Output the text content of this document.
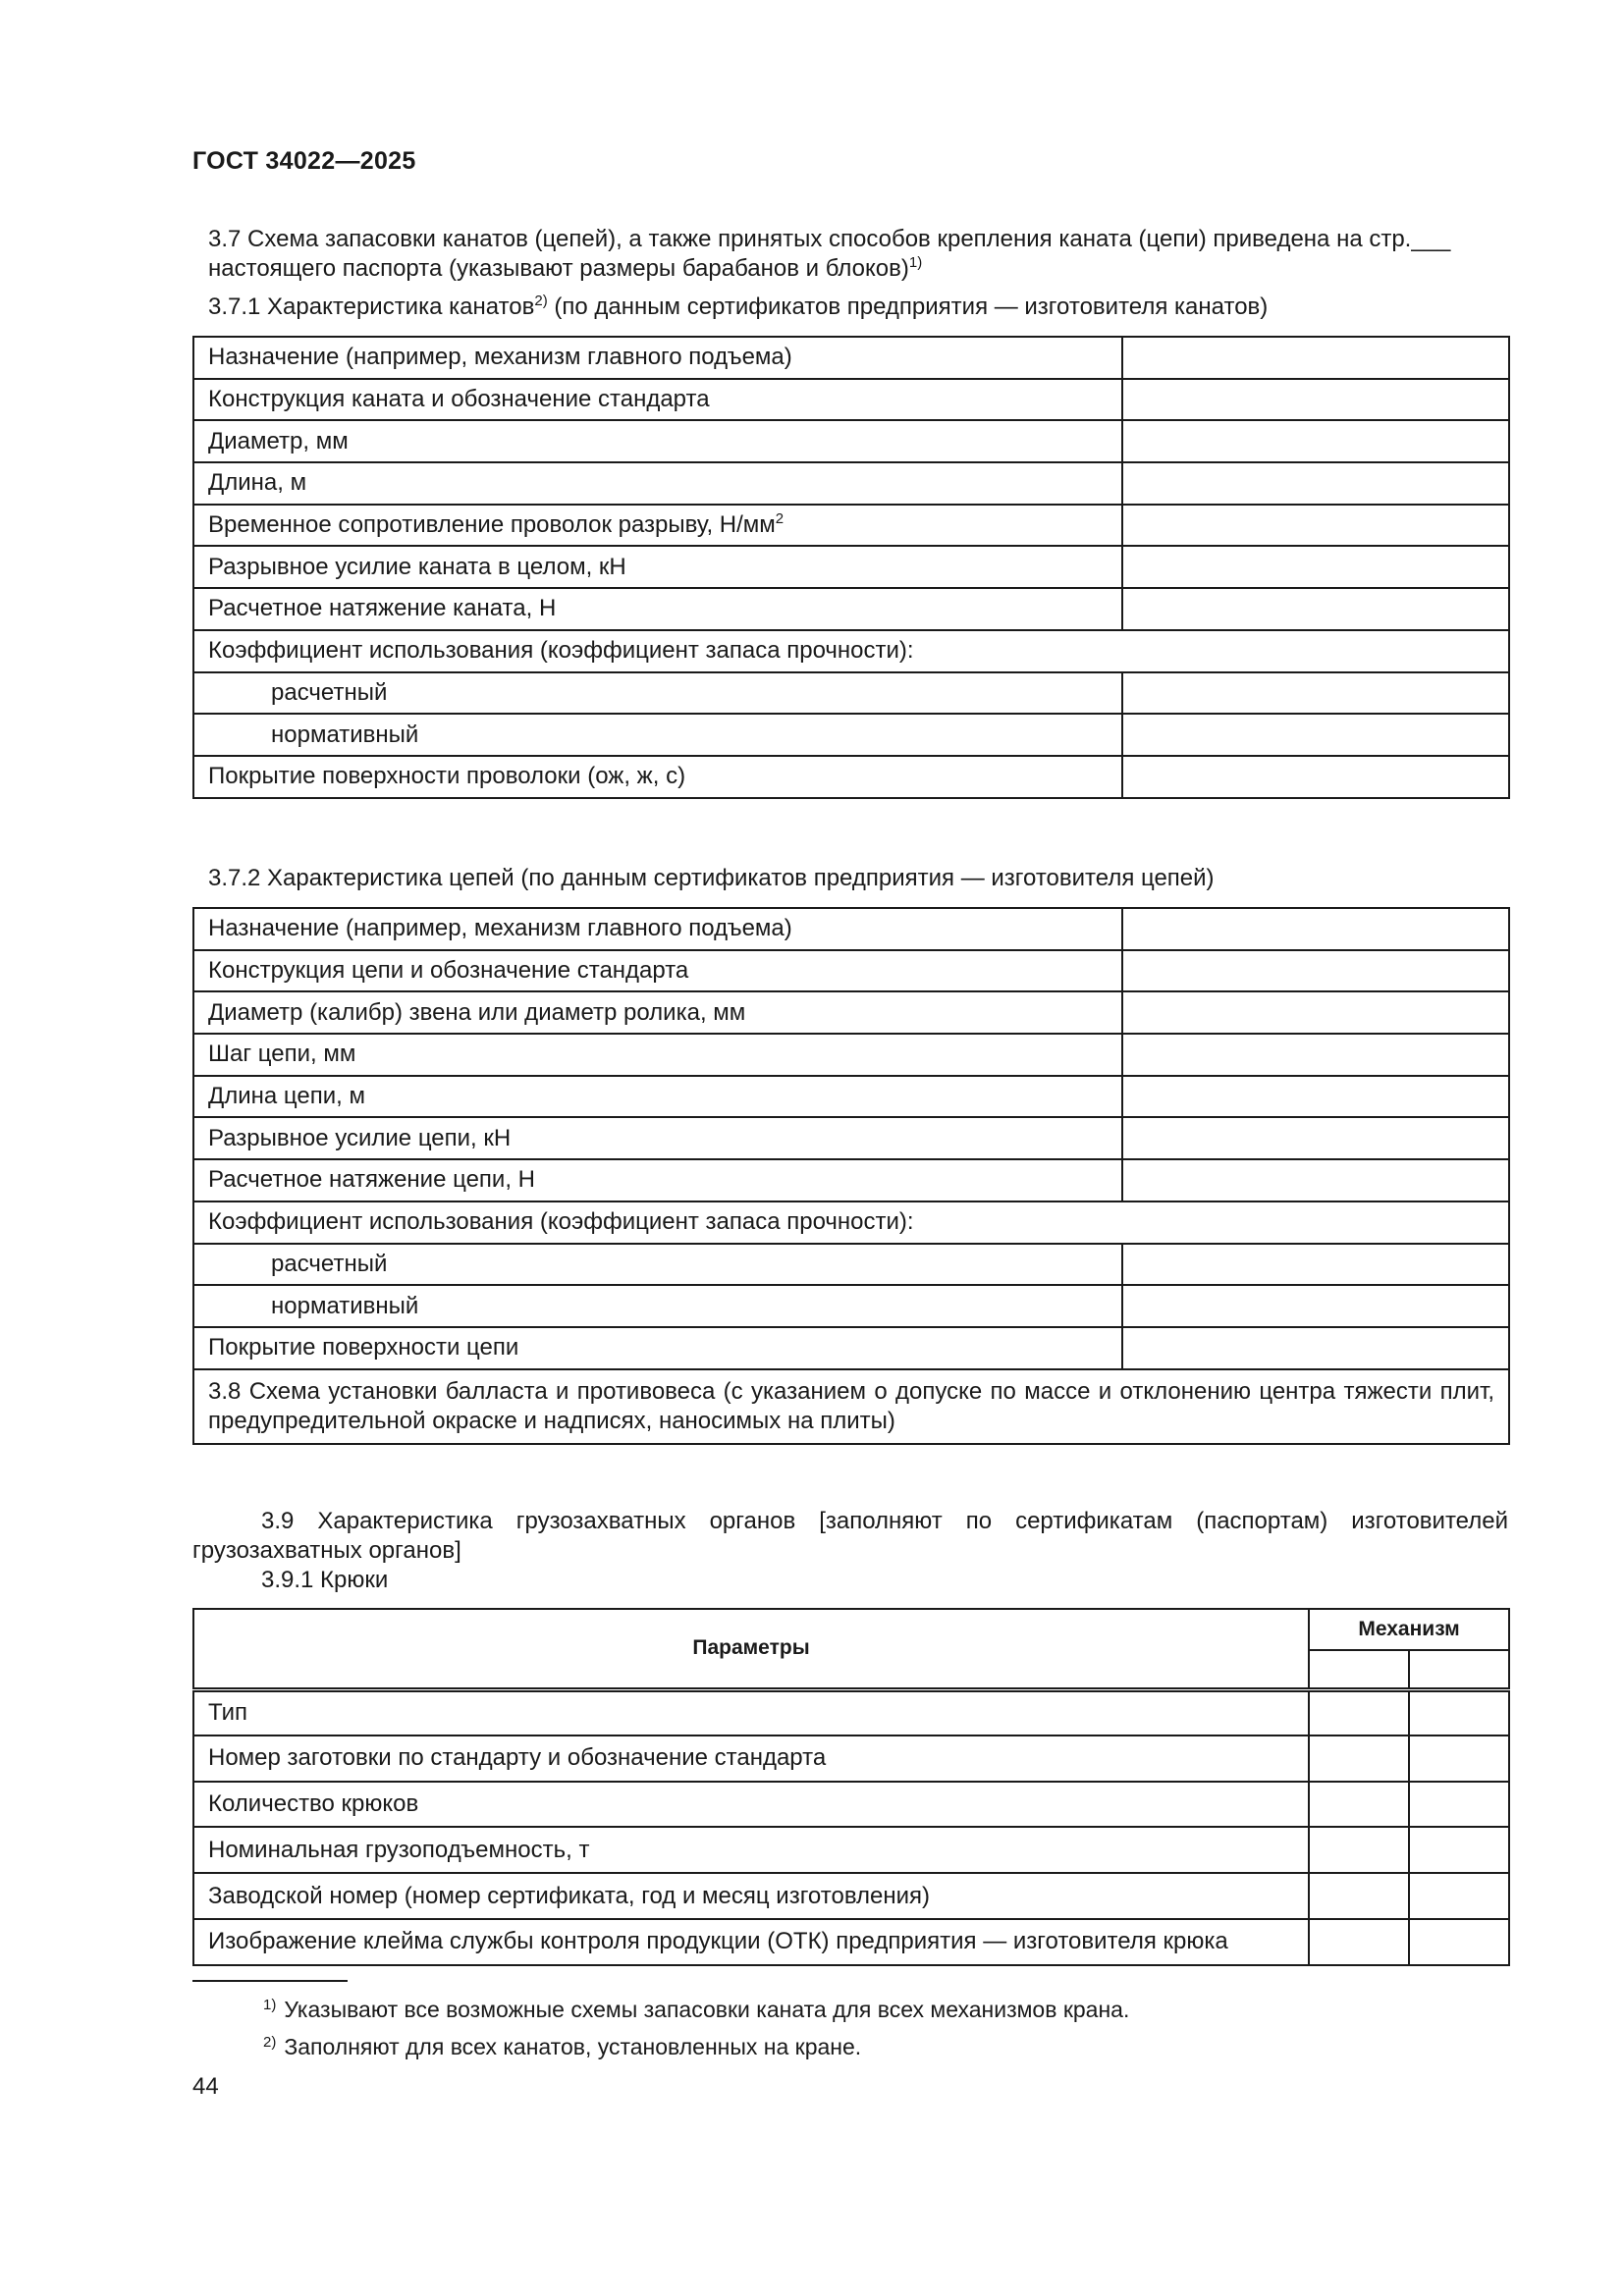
ГОСТ 34022—2025
3.7 Схема запасовки канатов (цепей), а также принятых способов крепления каната (цепи) приведена на стр.___ настоящего паспорта (указывают размеры барабанов и блоков)$^{1)}$
3.7.1 Характеристика канатов$^{2)}$ (по данным сертификатов предприятия — изготовителя канатов)
Назначение (например, механизм главного подъема)	
Конструкция каната и обозначение стандарта	
Диаметр, мм	
Длина, м	
Временное сопротивление проволок разрыву, $Н/мм^2$	
Разрывное усилие каната в целом, кН	
Расчетное натяжение каната, Н	
Коэффициент использования (коэффициент запаса прочности):	
расчетный	
нормативный	
Покрытие поверхности проволоки (ож, ж, с)	
3.7.2 Характеристика цепей (по данным сертификатов предприятия — изготовителя цепей)
Назначение (например, механизм главного подъема)	
Конструкция цепи и обозначение стандарта	
Диаметр (калибр) звена или диаметр ролика, мм	
Шаг цепи, мм	
Длина цепи, м	
Разрывное усилие цепи, кН	
Расчетное натяжение цепи, Н	
Коэффициент использования (коэффициент запаса прочности):	
расчетный	
нормативный	
Покрытие поверхности цепи	
3.8 Схема установки балласта и противовеса (с указанием о допуске по массе и отклонению центра тяжести плит, предупредительной окраске и надписях, наносимых на плиты)	
3.9 Характеристика грузозахватных органов [заполняют по сертификатам (паспортам) изготовителей грузозахватных органов]
3.9.1 Крюки
Параметры	Механизм	

Тип		
Номер заготовки по стандарту и обозначение стандарта		
Количество крюков		
Номинальная грузоподъемность, т		
Заводской номер (номер сертификата, год и месяц изготовления)		
Изображение клейма службы контроля продукции (ОТК) предприятия — изготовителя крюка		
$^{1)}$ Указывают все возможные схемы запасовки каната для всех механизмов крана.
$^{2)}$ Заполняют для всех канатов, установленных на кране.
44
